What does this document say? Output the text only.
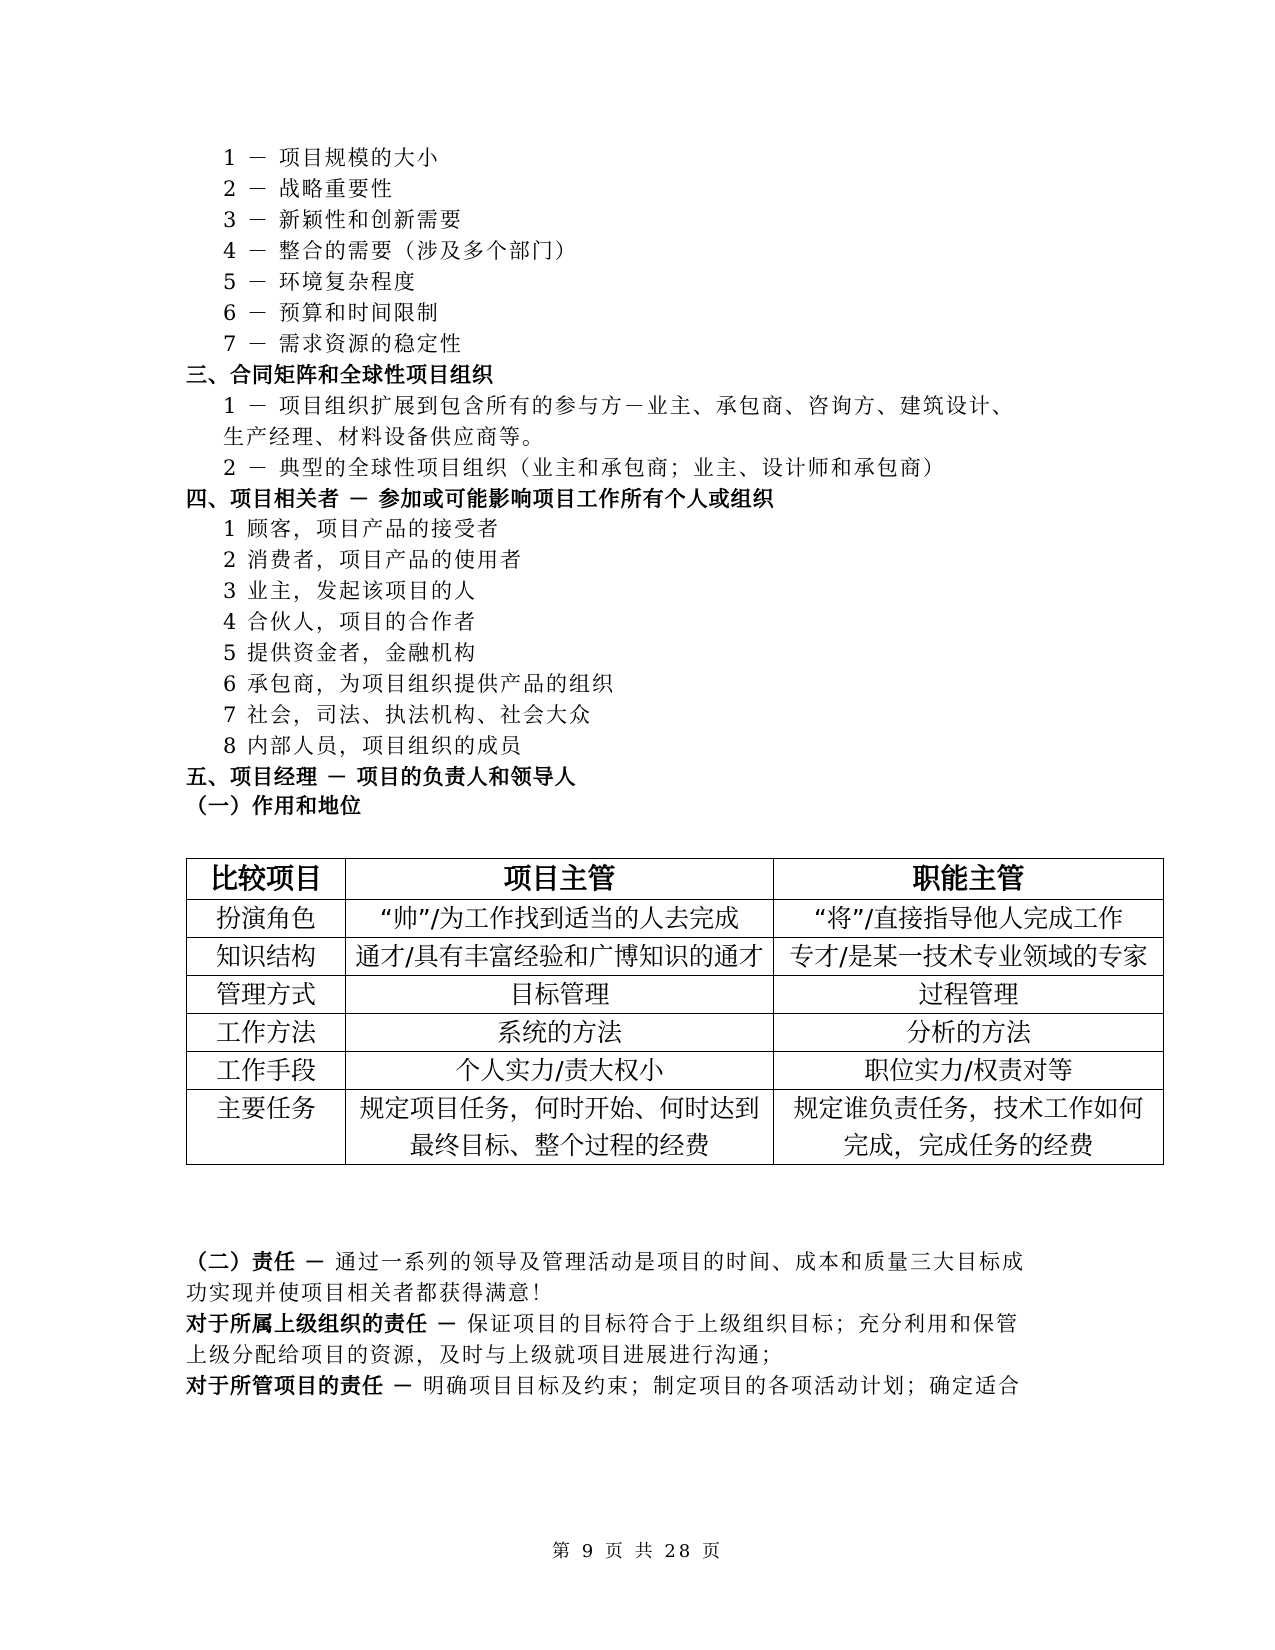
1 － 项目规模的大小
2 － 战略重要性
3 － 新颖性和创新需要
4 － 整合的需要（涉及多个部门）
5 － 环境复杂程度
6 － 预算和时间限制
7 － 需求资源的稳定性
三、合同矩阵和全球性项目组织
1 － 项目组织扩展到包含所有的参与方－业主、承包商、咨询方、建筑设计、
生产经理、材料设备供应商等。
2 － 典型的全球性项目组织（业主和承包商；业主、设计师和承包商）
四、项目相关者 － 参加或可能影响项目工作所有个人或组织
1 顾客，项目产品的接受者
2 消费者，项目产品的使用者
3 业主，发起该项目的人
4 合伙人，项目的合作者
5 提供资金者，金融机构
6 承包商，为项目组织提供产品的组织
7 社会，司法、执法机构、社会大众
8 内部人员，项目组织的成员
五、项目经理 － 项目的负责人和领导人
（一）作用和地位
比较项目	项目主管	职能主管
扮演角色	“帅”/为工作找到适当的人去完成	“将”/直接指导他人完成工作
知识结构	通才/具有丰富经验和广博知识的通才	专才/是某一技术专业领域的专家
管理方式	目标管理	过程管理
工作方法	系统的方法	分析的方法
工作手段	个人实力/责大权小	职位实力/权责对等
主要任务	规定项目任务，何时开始、何时达到最终目标、整个过程的经费	规定谁负责任务，技术工作如何完成，完成任务的经费
（二）责任 － 通过一系列的领导及管理活动是项目的时间、成本和质量三大目标成
功实现并使项目相关者都获得满意！
对于所属上级组织的责任 － 保证项目的目标符合于上级组织目标；充分利用和保管
上级分配给项目的资源，及时与上级就项目进展进行沟通；
对于所管项目的责任 － 明确项目目标及约束；制定项目的各项活动计划；确定适合
第 9 页 共 28 页
